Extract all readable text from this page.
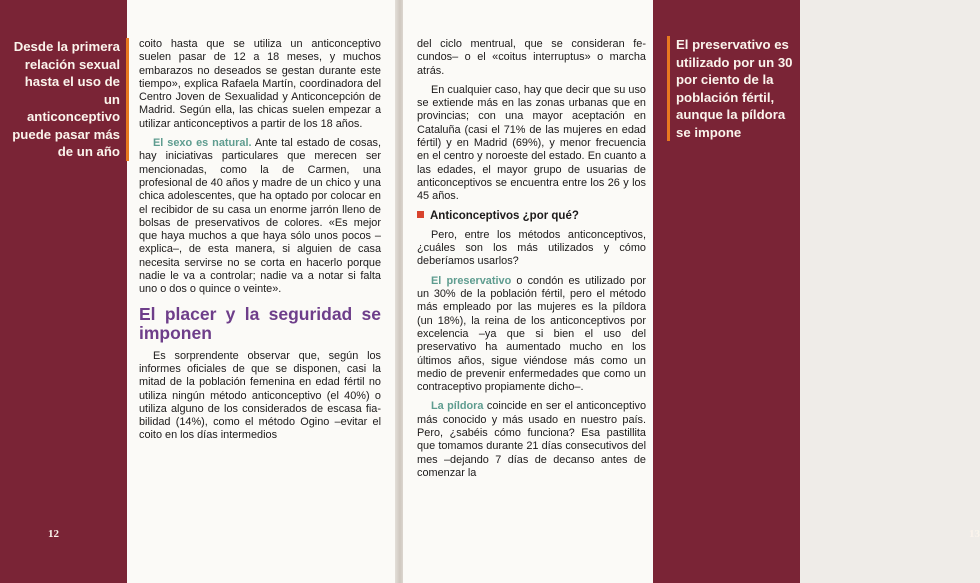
Desde la primera relación sexual hasta el uso de un anticonceptivo puede pasar más de un año

12

coito hasta que se utiliza un anticonceptivo suelen pasar de 12 a 18 meses, y muchos embarazos no deseados se gestan durante este tiempo», explica Rafaela Martín, coordinadora del Centro Joven de Sexualidad y Anticoncepción de Madrid. Según ella, las chicas suelen empezar a utilizar anticonceptivos a partir de los 18 años.

El sexo es natural. Ante tal estado de cosas, hay iniciativas particulares que merecen ser mencionadas, como la de Carmen, una profesional de 40 años y madre de un chico y una chica adolescentes, que ha optado por colocar en el recibidor de su casa un enorme jarrón lleno de bolsas de preservativos de colores. «Es mejor que haya muchos a que haya sólo unos pocos –explica–, de esta manera, si alguien de casa necesita servirse no se corta en hacerlo porque nadie le va a controlar; nadie va a notar si falta uno o dos o quince o veinte».

El placer y la seguridad se imponen

Es sorprendente observar que, según los informes oficiales de que se disponen, casi la mitad de la población femenina en edad fértil no utiliza ningún método anticonceptivo (el 40%) o utiliza alguno de los considerados de escasa fiabilidad (14%), como el método Ogino –evitar el coito en los días intermedios

del ciclo mentrual, que se consideran fecundos– o el «coitus interruptus» o marcha atrás.

En cualquier caso, hay que decir que su uso se extiende más en las zonas urbanas que en provincias; con una mayor aceptación en Cataluña (casi el 71% de las mujeres en edad fértil) y en Madrid (69%), y menor frecuencia en el centro y noroeste del estado. En cuanto a las edades, el mayor grupo de usuarias de anticonceptivos se encuentra entre los 26 y los 45 años.

Anticonceptivos ¿por qué?

Pero, entre los métodos anticonceptivos, ¿cuáles son los más utilizados y cómo deberíamos usarlos?

El preservativo o condón es utilizado por un 30% de la población fértil, pero el método más empleado por las mujeres es la píldora (un 18%), la reina de los anticonceptivos por excelencia –ya que si bien el uso del preservativo ha aumentado mucho en los últimos años, sigue viéndose más como un medio de prevenir enfermedades que como un contraceptivo propiamente dicho–.

La píldora coincide en ser el anticonceptivo más conocido y más usado en nuestro país. Pero, ¿sabéis cómo funciona? Esa pastillita que tomamos durante 21 días consecutivos del mes –dejando 7 días de decanso antes de comenzar la

El preservativo es utilizado por un 30 por ciento de la población fértil, aunque la píldora se impone

13
